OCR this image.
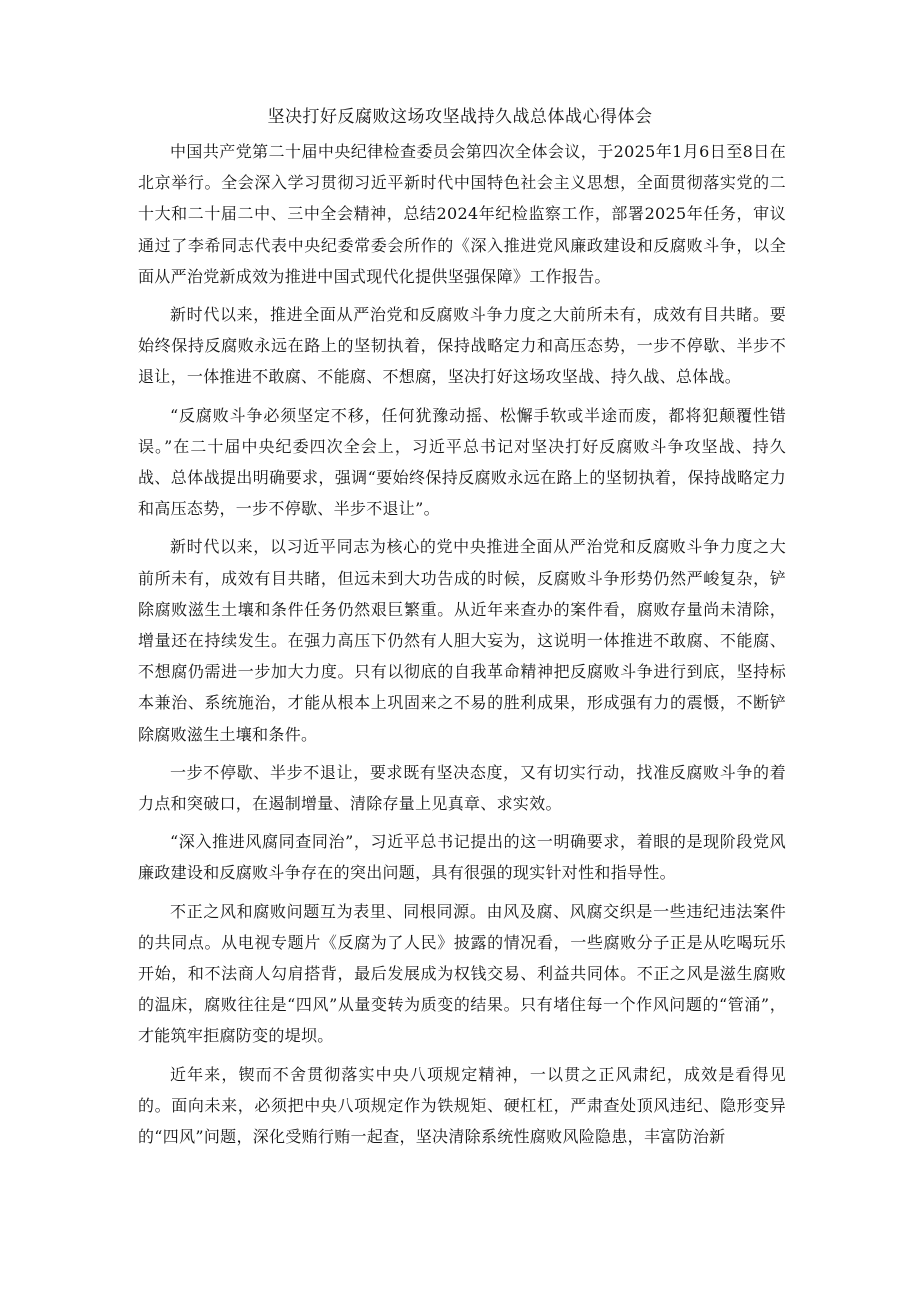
坚决打好反腐败这场攻坚战持久战总体战心得体会

中国共产党第二十届中央纪律检查委员会第四次全体会议，于2025年1月6日至8日在北京举行。全会深入学习贯彻习近平新时代中国特色社会主义思想，全面贯彻落实党的二十大和二十届二中、三中全会精神，总结2024年纪检监察工作，部署2025年任务，审议通过了李希同志代表中央纪委常委会所作的《深入推进党风廉政建设和反腐败斗争，以全面从严治党新成效为推进中国式现代化提供坚强保障》工作报告。

新时代以来，推进全面从严治党和反腐败斗争力度之大前所未有，成效有目共睹。要始终保持反腐败永远在路上的坚韧执着，保持战略定力和高压态势，一步不停歇、半步不退让，一体推进不敢腐、不能腐、不想腐，坚决打好这场攻坚战、持久战、总体战。

“反腐败斗争必须坚定不移，任何犹豫动摇、松懈手软或半途而废，都将犯颠覆性错误。”在二十届中央纪委四次全会上，习近平总书记对坚决打好反腐败斗争攻坚战、持久战、总体战提出明确要求，强调“要始终保持反腐败永远在路上的坚韧执着，保持战略定力和高压态势，一步不停歇、半步不退让”。

新时代以来，以习近平同志为核心的党中央推进全面从严治党和反腐败斗争力度之大前所未有，成效有目共睹，但远未到大功告成的时候，反腐败斗争形势仍然严峻复杂，铲除腐败滋生土壤和条件任务仍然艰巨繁重。从近年来查办的案件看，腐败存量尚未清除，增量还在持续发生。在强力高压下仍然有人胆大妄为，这说明一体推进不敢腐、不能腐、不想腐仍需进一步加大力度。只有以彻底的自我革命精神把反腐败斗争进行到底，坚持标本兼治、系统施治，才能从根本上巩固来之不易的胜利成果，形成强有力的震慑，不断铲除腐败滋生土壤和条件。

一步不停歇、半步不退让，要求既有坚决态度，又有切实行动，找准反腐败斗争的着力点和突破口，在遏制增量、清除存量上见真章、求实效。

“深入推进风腐同查同治”，习近平总书记提出的这一明确要求，着眼的是现阶段党风廉政建设和反腐败斗争存在的突出问题，具有很强的现实针对性和指导性。

不正之风和腐败问题互为表里、同根同源。由风及腐、风腐交织是一些违纪违法案件的共同点。从电视专题片《反腐为了人民》披露的情况看，一些腐败分子正是从吃喝玩乐开始，和不法商人勾肩搭背，最后发展成为权钱交易、利益共同体。不正之风是滋生腐败的温床，腐败往往是“四风”从量变转为质变的结果。只有堵住每一个作风问题的“管涌”，才能筑牢拒腐防变的堤坝。

近年来，锲而不舍贯彻落实中央八项规定精神，一以贯之正风肃纪，成效是看得见的。面向未来，必须把中央八项规定作为铁规矩、硬杠杠，严肃查处顶风违纪、隐形变异的“四风”问题，深化受贿行贿一起查，坚决清除系统性腐败风险隐患，丰富防治新
